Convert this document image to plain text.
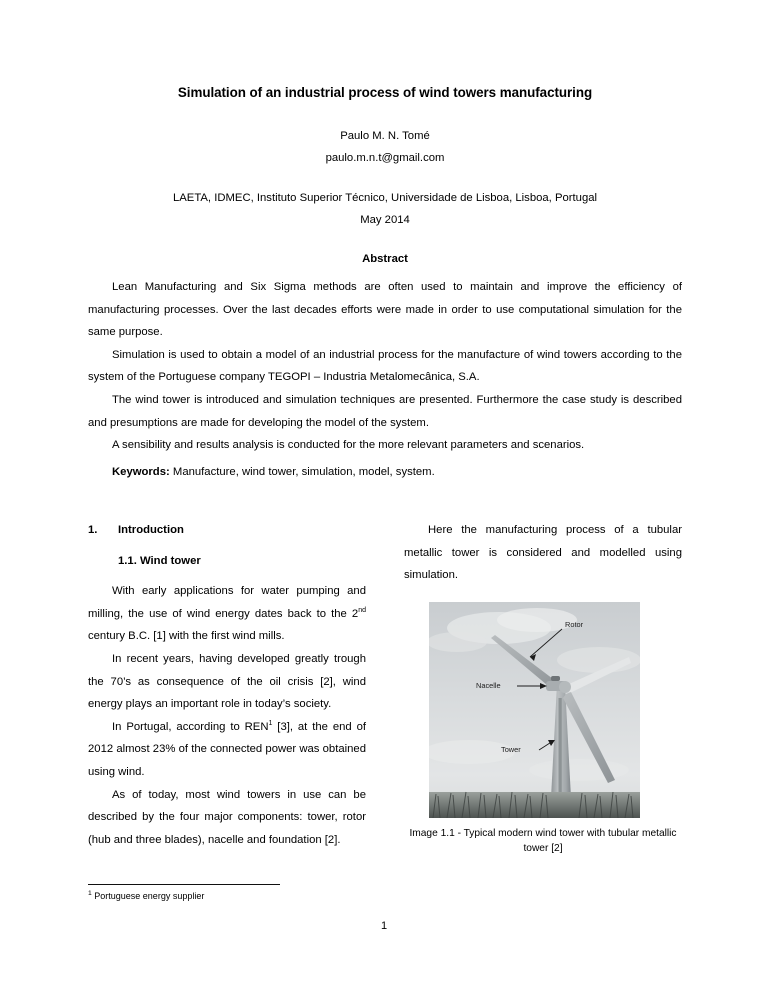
Simulation of an industrial process of wind towers manufacturing
Paulo M. N. Tomé
paulo.m.n.t@gmail.com
LAETA, IDMEC, Instituto Superior Técnico, Universidade de Lisboa, Lisboa, Portugal
May 2014
Abstract

Lean Manufacturing and Six Sigma methods are often used to maintain and improve the efficiency of manufacturing processes. Over the last decades efforts were made in order to use computational simulation for the same purpose.

Simulation is used to obtain a model of an industrial process for the manufacture of wind towers according to the system of the Portuguese company TEGOPI – Industria Metalomecânica, S.A.

The wind tower is introduced and simulation techniques are presented. Furthermore the case study is described and presumptions are made for developing the model of the system.

A sensibility and results analysis is conducted for the more relevant parameters and scenarios.

Keywords: Manufacture, wind tower, simulation, model, system.
1.	Introduction
1.1. Wind tower

With early applications for water pumping and milling, the use of wind energy dates back to the 2nd century B.C. [1] with the first wind mills.

In recent years, having developed greatly trough the 70’s as consequence of the oil crisis [2], wind energy plays an important role in today’s society.

In Portugal, according to REN$^1$ [3], at the end of 2012 almost 23% of the connected power was obtained using wind.

As of today, most wind towers in use can be described by the four major components: tower, rotor (hub and three blades), nacelle and foundation [2].

$^1$ Portuguese energy supplier

Here the manufacturing process of a tubular metallic tower is considered and modelled using simulation.

Rotor
Nacelle
Tower
Image 1.1 - Typical modern wind tower with tubular metallic tower [2]
1
